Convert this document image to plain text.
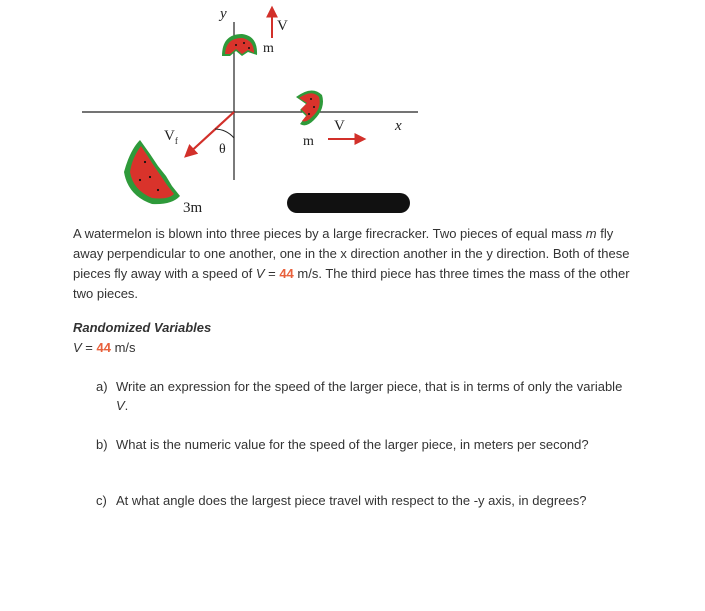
y
x
V
m
V
m
θ
$V_f$
3m
A watermelon is blown into three pieces by a large firecracker. Two pieces of equal mass m fly away perpendicular to one another, one in the x direction another in the y direction. Both of these pieces fly away with a speed of V = 44 m/s. The third piece has three times the mass of the other two pieces.
Randomized Variables
V = 44 m/s
a) Write an expression for the speed of the larger piece, that is in terms of only the variable V.
b) What is the numeric value for the speed of the larger piece, in meters per second?
c) At what angle does the largest piece travel with respect to the -y axis, in degrees?
